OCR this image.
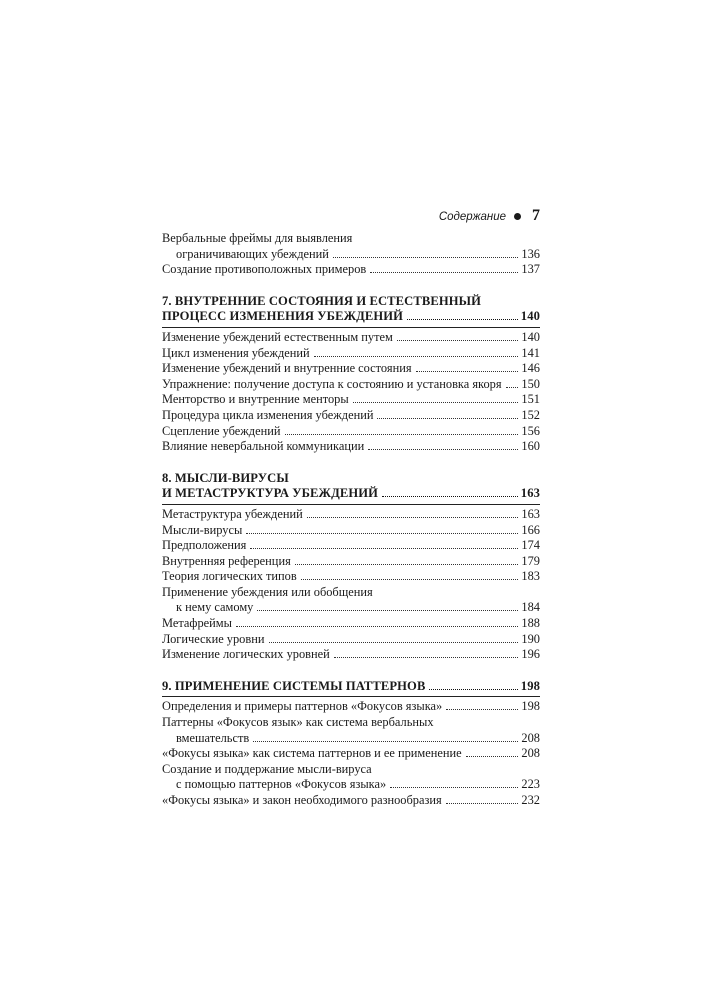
Содержание 7
Вербальные фреймы для выявления
ограничивающих убеждений	136
Создание противоположных примеров	137
7. ВНУТРЕННИЕ СОСТОЯНИЯ И ЕСТЕСТВЕННЫЙ
ПРОЦЕСС ИЗМЕНЕНИЯ УБЕЖДЕНИЙ	140
Изменение убеждений естественным путем	140
Цикл изменения убеждений	141
Изменение убеждений и внутренние состояния	146
Упражнение: получение доступа к состоянию и установка якоря 150
Менторство и внутренние менторы	151
Процедура цикла изменения убеждений	152
Сцепление убеждений	156
Влияние невербальной коммуникации	160
8. МЫСЛИ-ВИРУСЫ
И МЕТАСТРУКТУРА УБЕЖДЕНИЙ	163
Метаструктура убеждений	163
Мысли-вирусы	166
Предположения	174
Внутренняя референция	179
Теория логических типов	183
Применение убеждения или обобщения
к нему самому	184
Метафреймы	188
Логические уровни	190
Изменение логических уровней	196
9. ПРИМЕНЕНИЕ СИСТЕМЫ ПАТТЕРНОВ	198
Определения и примеры паттернов «Фокусов языка»	198
Паттерны «Фокусов язык» как система вербальных
вмешательств	208
«Фокусы языка» как система паттернов и ее применение	208
Создание и поддержание мысли-вируса
с помощью паттернов «Фокусов языка»	223
«Фокусы языка» и закон необходимого разнообразия	232
